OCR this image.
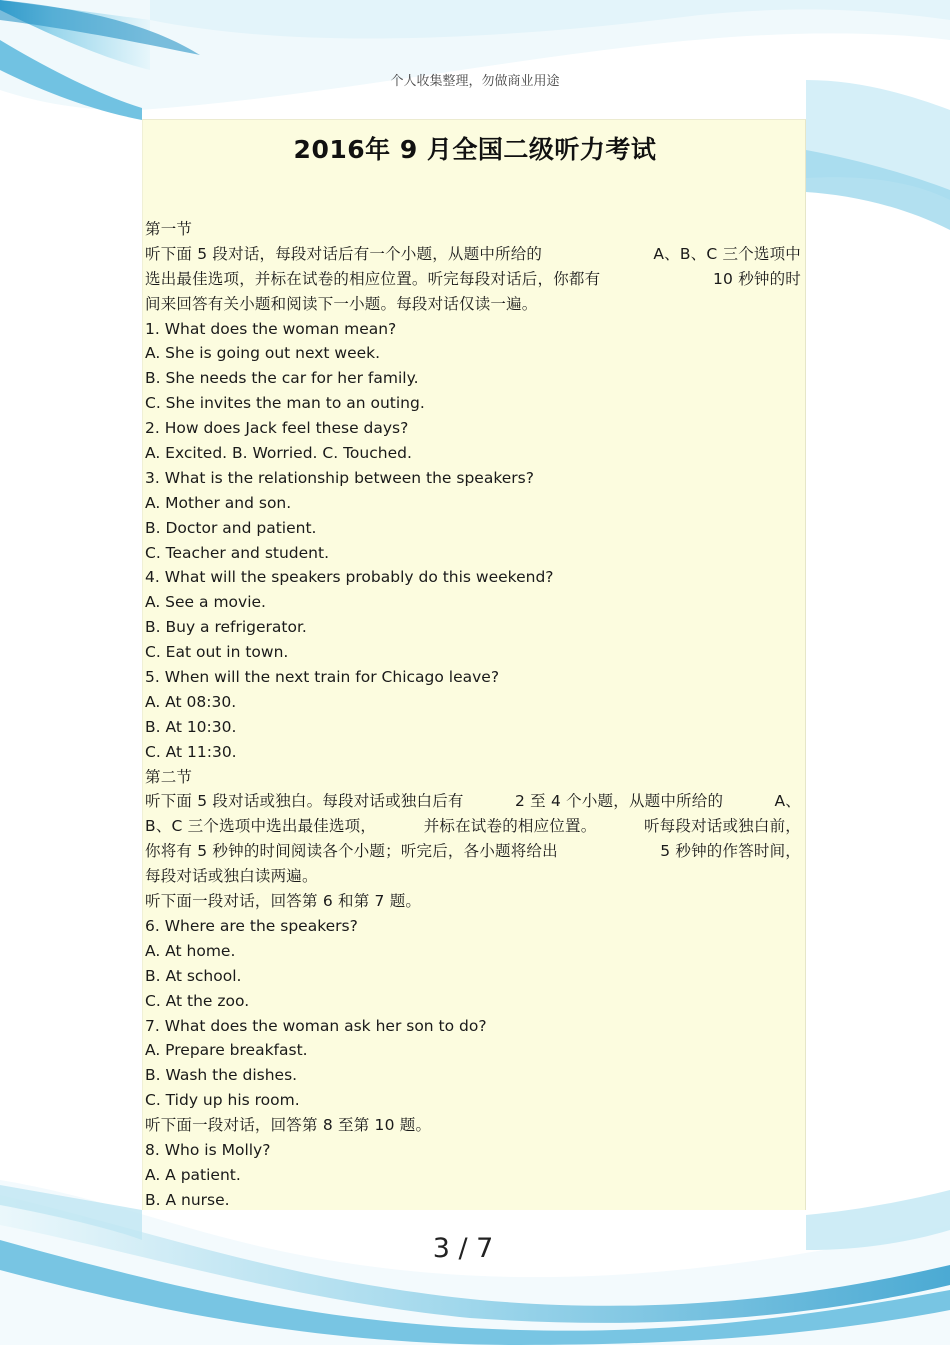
个人收集整理，勿做商业用途
2016年 9 月全国二级听力考试
第一节
听下面 5 段对话，每段对话后有一个小题，从题中所给的	A、B、C 三个选项中
选出最佳选项，并标在试卷的相应位置。听完每段对话后，你都有	10 秒钟的时
间来回答有关小题和阅读下一小题。每段对话仅读一遍。
1. What does the woman mean?
A. She is going out next week.
B. She needs the car for her family.
C. She invites the man to an outing.
2. How does Jack feel these days?
A. Excited. B. Worried. C. Touched.
3. What is the relationship between the speakers?
A. Mother and son.
B. Doctor and patient.
C. Teacher and student.
4. What will the speakers probably do this weekend?
A. See a movie.
B. Buy a refrigerator.
C. Eat out in town.
5. When will the next train for Chicago leave?
A. At 08:30.
B. At 10:30.
C. At 11:30.
第二节
听下面 5 段对话或独白。每段对话或独白后有	2 至 4 个小题，从题中所给的	A、
B、C 三个选项中选出最佳选项，	并标在试卷的相应位置。	听每段对话或独白前，
你将有 5 秒钟的时间阅读各个小题；听完后，各小题将给出	5 秒钟的作答时间，
每段对话或独白读两遍。
听下面一段对话，回答第 6 和第 7 题。
6. Where are the speakers?
A. At home.
B. At school.
C. At the zoo.
7. What does the woman ask her son to do?
A. Prepare breakfast.
B. Wash the dishes.
C. Tidy up his room.
听下面一段对话，回答第 8 至第 10 题。
8. Who is Molly?
A. A patient.
B. A nurse.
3 / 7
